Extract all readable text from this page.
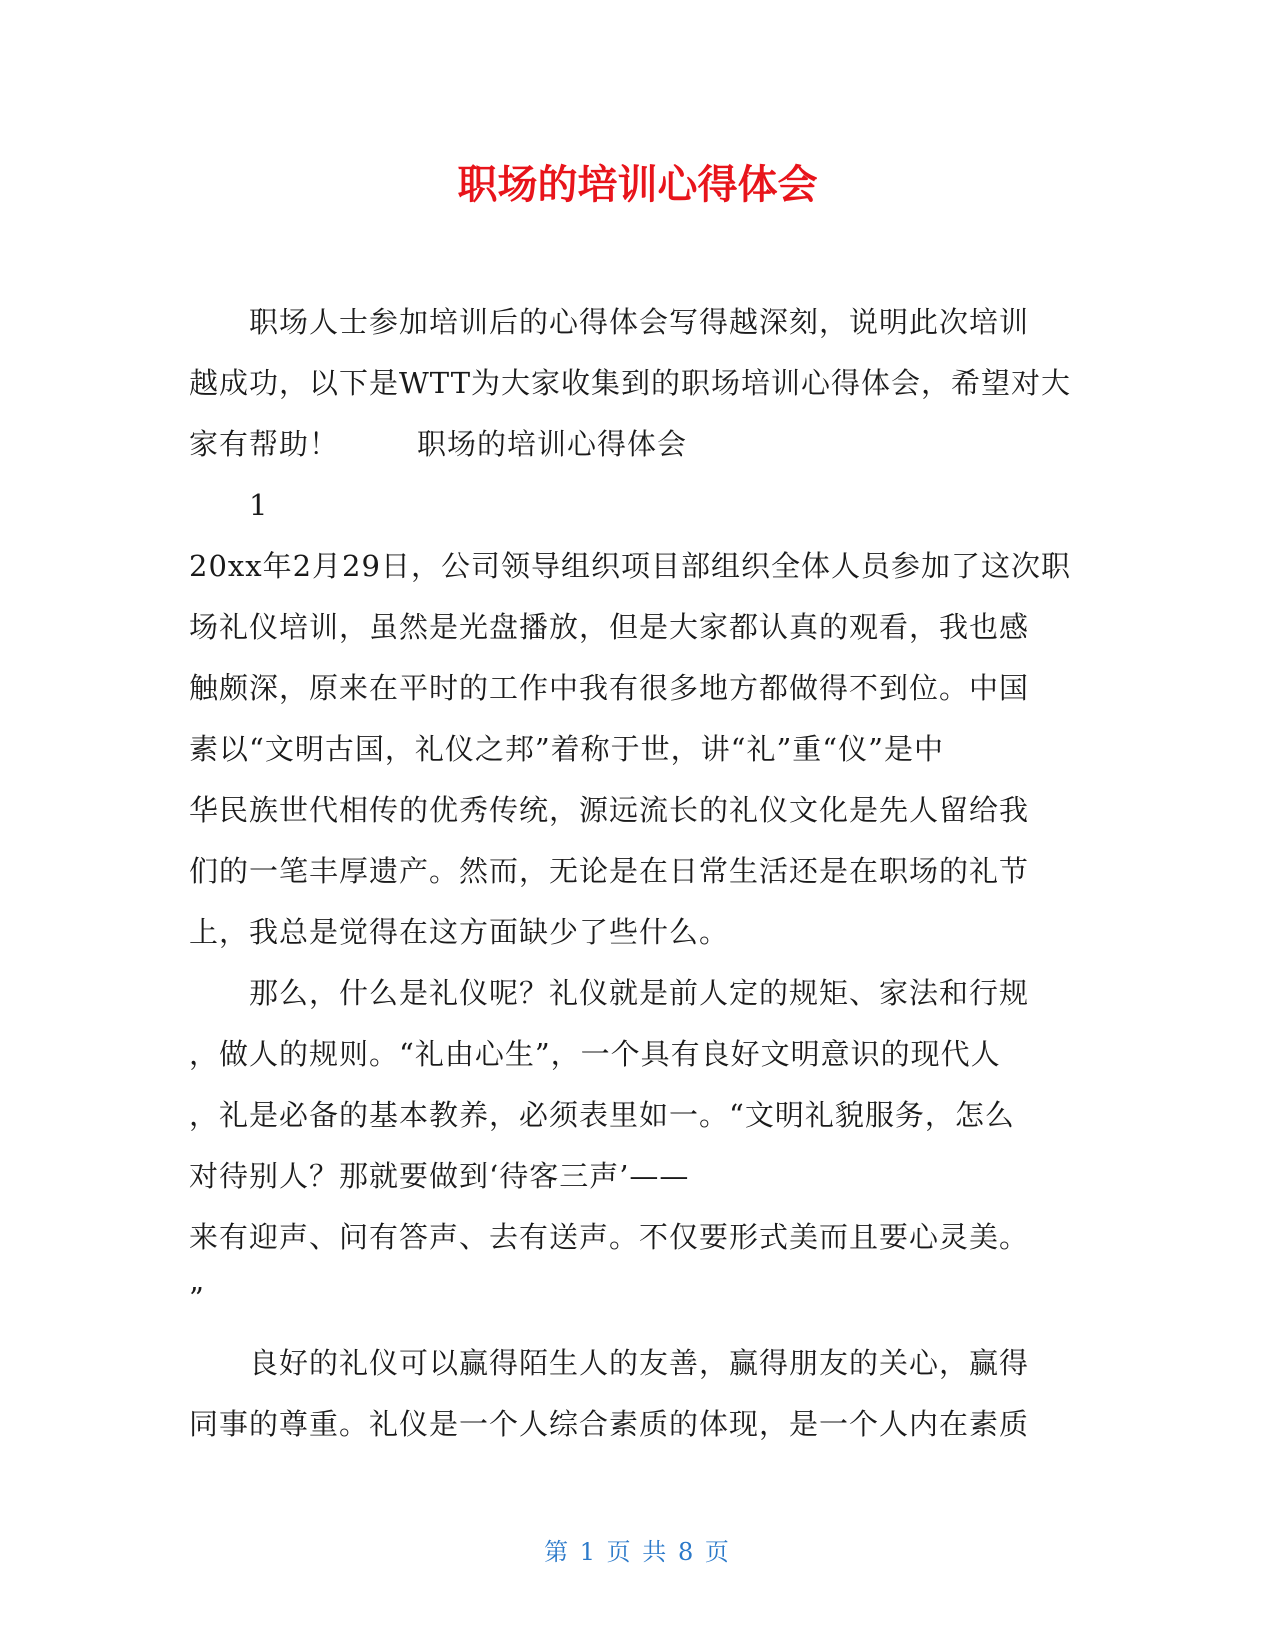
职场的培训心得体会
职场人士参加培训后的心得体会写得越深刻，说明此次培训
越成功，以下是WTT为大家收集到的职场培训心得体会，希望对大
家有帮助！	职场的培训心得体会
1
20xx年2月29日，公司领导组织项目部组织全体人员参加了这次职
场礼仪培训，虽然是光盘播放，但是大家都认真的观看，我也感
触颇深，原来在平时的工作中我有很多地方都做得不到位。中国
素以“文明古国，礼仪之邦”着称于世，讲“礼”重“仪”是中
华民族世代相传的优秀传统，源远流长的礼仪文化是先人留给我
们的一笔丰厚遗产。然而，无论是在日常生活还是在职场的礼节
上，我总是觉得在这方面缺少了些什么。
那么，什么是礼仪呢？礼仪就是前人定的规矩、家法和行规
，做人的规则。“礼由心生”，一个具有良好文明意识的现代人
，礼是必备的基本教养，必须表里如一。“文明礼貌服务，怎么
对待别人？那就要做到‘待客三声’——
来有迎声、问有答声、去有送声。不仅要形式美而且要心灵美。
”
良好的礼仪可以赢得陌生人的友善，赢得朋友的关心，赢得
同事的尊重。礼仪是一个人综合素质的体现，是一个人内在素质
第 1 页 共 8 页
